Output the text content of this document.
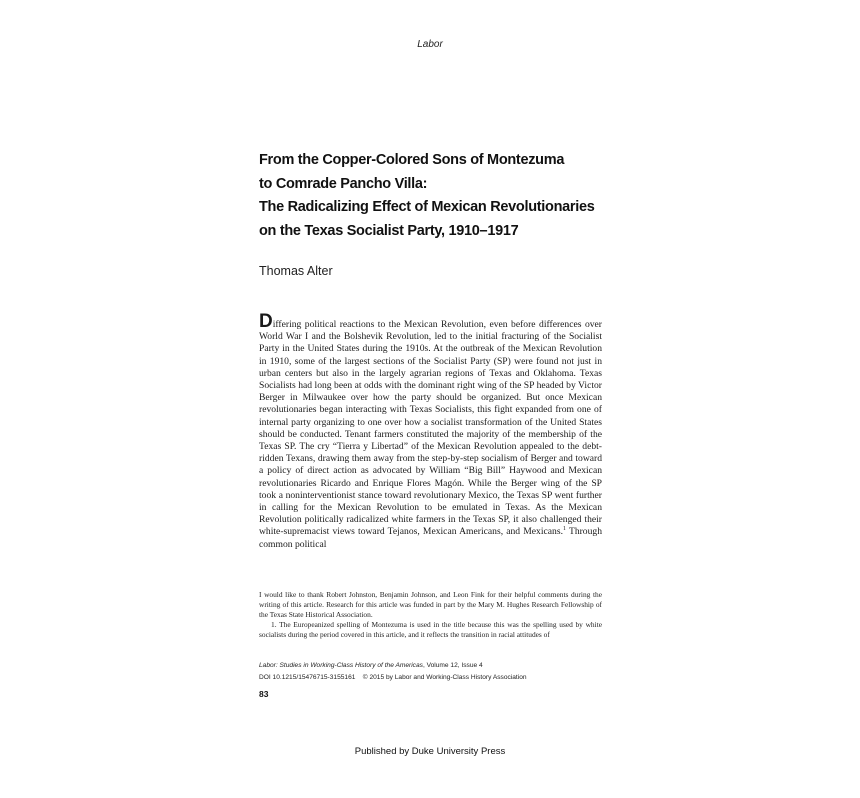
Labor
From the Copper-Colored Sons of Montezuma
to Comrade Pancho Villa:
The Radicalizing Effect of Mexican Revolutionaries
on the Texas Socialist Party, 1910–1917
Thomas Alter
Differing political reactions to the Mexican Revolution, even before differences over World War I and the Bolshevik Revolution, led to the initial fracturing of the Socialist Party in the United States during the 1910s. At the outbreak of the Mexican Revolution in 1910, some of the largest sections of the Socialist Party (SP) were found not just in urban centers but also in the largely agrarian regions of Texas and Oklahoma. Texas Socialists had long been at odds with the dominant right wing of the SP headed by Victor Berger in Milwaukee over how the party should be organized. But once Mexican revolutionaries began interacting with Texas Socialists, this fight expanded from one of internal party organizing to one over how a socialist transformation of the United States should be conducted. Tenant farmers constituted the majority of the membership of the Texas SP. The cry “Tierra y Libertad” of the Mexican Revolution appealed to the debt-ridden Texans, drawing them away from the step-by-step socialism of Berger and toward a policy of direct action as advocated by William “Big Bill” Haywood and Mexican revolutionaries Ricardo and Enrique Flores Magón. While the Berger wing of the SP took a noninterventionist stance toward revolutionary Mexico, the Texas SP went further in calling for the Mexican Revolution to be emulated in Texas. As the Mexican Revolution politically radicalized white farmers in the Texas SP, it also challenged their white-supremacist views toward Tejanos, Mexican Americans, and Mexicans.$^1$ Through common political

I would like to thank Robert Johnston, Benjamin Johnson, and Leon Fink for their helpful comments during the writing of this article. Research for this article was funded in part by the Mary M. Hughes Research Fellowship of the Texas State Historical Association.

1. The Europeanized spelling of Montezuma is used in the title because this was the spelling used by white socialists during the period covered in this article, and it reflects the transition in racial attitudes of

Labor: Studies in Working-Class History of the Americas, Volume 12, Issue 4
DOI 10.1215/15476715-3155161    © 2015 by Labor and Working-Class History Association
83
Published by Duke University Press
